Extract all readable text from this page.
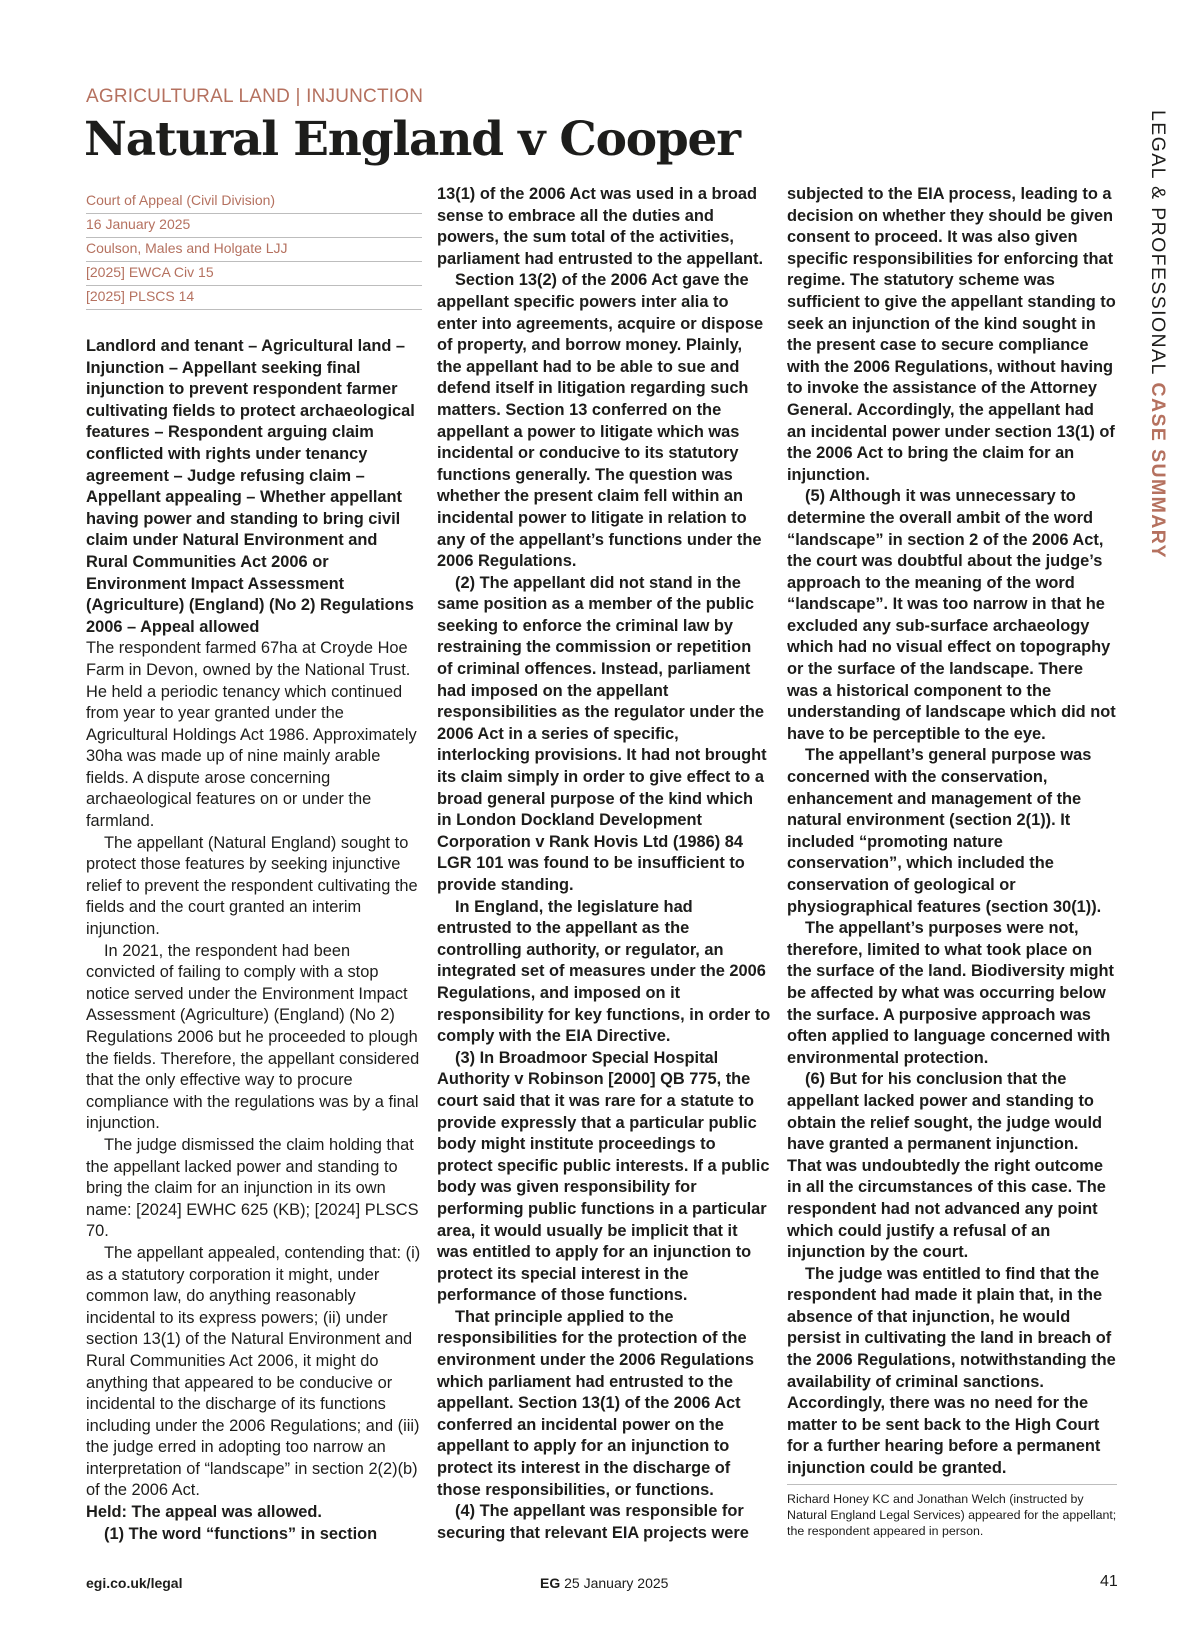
AGRICULTURAL LAND | INJUNCTION
Natural England v Cooper
Court of Appeal (Civil Division)
16 January 2025
Coulson, Males and Holgate LJJ
[2025] EWCA Civ 15
[2025] PLSCS 14

Landlord and tenant – Agricultural land – Injunction – Appellant seeking final injunction to prevent respondent farmer cultivating fields to protect archaeological features – Respondent arguing claim conflicted with rights under tenancy agreement – Judge refusing claim – Appellant appealing – Whether appellant having power and standing to bring civil claim under Natural Environment and Rural Communities Act 2006 or Environment Impact Assessment (Agriculture) (England) (No 2) Regulations 2006 – Appeal allowed

The respondent farmed 67ha at Croyde Hoe Farm in Devon, owned by the National Trust. He held a periodic tenancy which continued from year to year granted under the Agricultural Holdings Act 1986. Approximately 30ha was made up of nine mainly arable fields. A dispute arose concerning archaeological features on or under the farmland.

The appellant (Natural England) sought to protect those features by seeking injunctive relief to prevent the respondent cultivating the fields and the court granted an interim injunction.

In 2021, the respondent had been convicted of failing to comply with a stop notice served under the Environment Impact Assessment (Agriculture) (England) (No 2) Regulations 2006 but he proceeded to plough the fields. Therefore, the appellant considered that the only effective way to procure compliance with the regulations was by a final injunction.

The judge dismissed the claim holding that the appellant lacked power and standing to bring the claim for an injunction in its own name: [2024] EWHC 625 (KB); [2024] PLSCS 70.

The appellant appealed, contending that: (i) as a statutory corporation it might, under common law, do anything reasonably incidental to its express powers; (ii) under section 13(1) of the Natural Environment and Rural Communities Act 2006, it might do anything that appeared to be conducive or incidental to the discharge of its functions including under the 2006 Regulations; and (iii) the judge erred in adopting too narrow an interpretation of “landscape” in section 2(2)(b) of the 2006 Act.

Held: The appeal was allowed.

(1) The word “functions” in section

13(1) of the 2006 Act was used in a broad sense to embrace all the duties and powers, the sum total of the activities, parliament had entrusted to the appellant.

Section 13(2) of the 2006 Act gave the appellant specific powers inter alia to enter into agreements, acquire or dispose of property, and borrow money. Plainly, the appellant had to be able to sue and defend itself in litigation regarding such matters. Section 13 conferred on the appellant a power to litigate which was incidental or conducive to its statutory functions generally. The question was whether the present claim fell within an incidental power to litigate in relation to any of the appellant’s functions under the 2006 Regulations.

(2) The appellant did not stand in the same position as a member of the public seeking to enforce the criminal law by restraining the commission or repetition of criminal offences. Instead, parliament had imposed on the appellant responsibilities as the regulator under the 2006 Act in a series of specific, interlocking provisions. It had not brought its claim simply in order to give effect to a broad general purpose of the kind which in London Dockland Development Corporation v Rank Hovis Ltd (1986) 84 LGR 101 was found to be insufficient to provide standing.

In England, the legislature had entrusted to the appellant as the controlling authority, or regulator, an integrated set of measures under the 2006 Regulations, and imposed on it responsibility for key functions, in order to comply with the EIA Directive.

(3) In Broadmoor Special Hospital Authority v Robinson [2000] QB 775, the court said that it was rare for a statute to provide expressly that a particular public body might institute proceedings to protect specific public interests. If a public body was given responsibility for performing public functions in a particular area, it would usually be implicit that it was entitled to apply for an injunction to protect its special interest in the performance of those functions.

That principle applied to the responsibilities for the protection of the environment under the 2006 Regulations which parliament had entrusted to the appellant. Section 13(1) of the 2006 Act conferred an incidental power on the appellant to apply for an injunction to protect its interest in the discharge of those responsibilities, or functions.

(4) The appellant was responsible for securing that relevant EIA projects were

subjected to the EIA process, leading to a decision on whether they should be given consent to proceed. It was also given specific responsibilities for enforcing that regime. The statutory scheme was sufficient to give the appellant standing to seek an injunction of the kind sought in the present case to secure compliance with the 2006 Regulations, without having to invoke the assistance of the Attorney General. Accordingly, the appellant had an incidental power under section 13(1) of the 2006 Act to bring the claim for an injunction.

(5) Although it was unnecessary to determine the overall ambit of the word “landscape” in section 2 of the 2006 Act, the court was doubtful about the judge’s approach to the meaning of the word “landscape”. It was too narrow in that he excluded any sub-surface archaeology which had no visual effect on topography or the surface of the landscape. There was a historical component to the understanding of landscape which did not have to be perceptible to the eye.

The appellant’s general purpose was concerned with the conservation, enhancement and management of the natural environment (section 2(1)). It included “promoting nature conservation”, which included the conservation of geological or physiographical features (section 30(1)).

The appellant’s purposes were not, therefore, limited to what took place on the surface of the land. Biodiversity might be affected by what was occurring below the surface. A purposive approach was often applied to language concerned with environmental protection.

(6) But for his conclusion that the appellant lacked power and standing to obtain the relief sought, the judge would have granted a permanent injunction. That was undoubtedly the right outcome in all the circumstances of this case. The respondent had not advanced any point which could justify a refusal of an injunction by the court.

The judge was entitled to find that the respondent had made it plain that, in the absence of that injunction, he would persist in cultivating the land in breach of the 2006 Regulations, notwithstanding the availability of criminal sanctions. Accordingly, there was no need for the matter to be sent back to the High Court for a further hearing before a permanent injunction could be granted.

Richard Honey KC and Jonathan Welch (instructed by Natural England Legal Services) appeared for the appellant; the respondent appeared in person.
LEGAL & PROFESSIONAL CASE SUMMARY
egi.co.uk/legal	EG 25 January 2025	41
